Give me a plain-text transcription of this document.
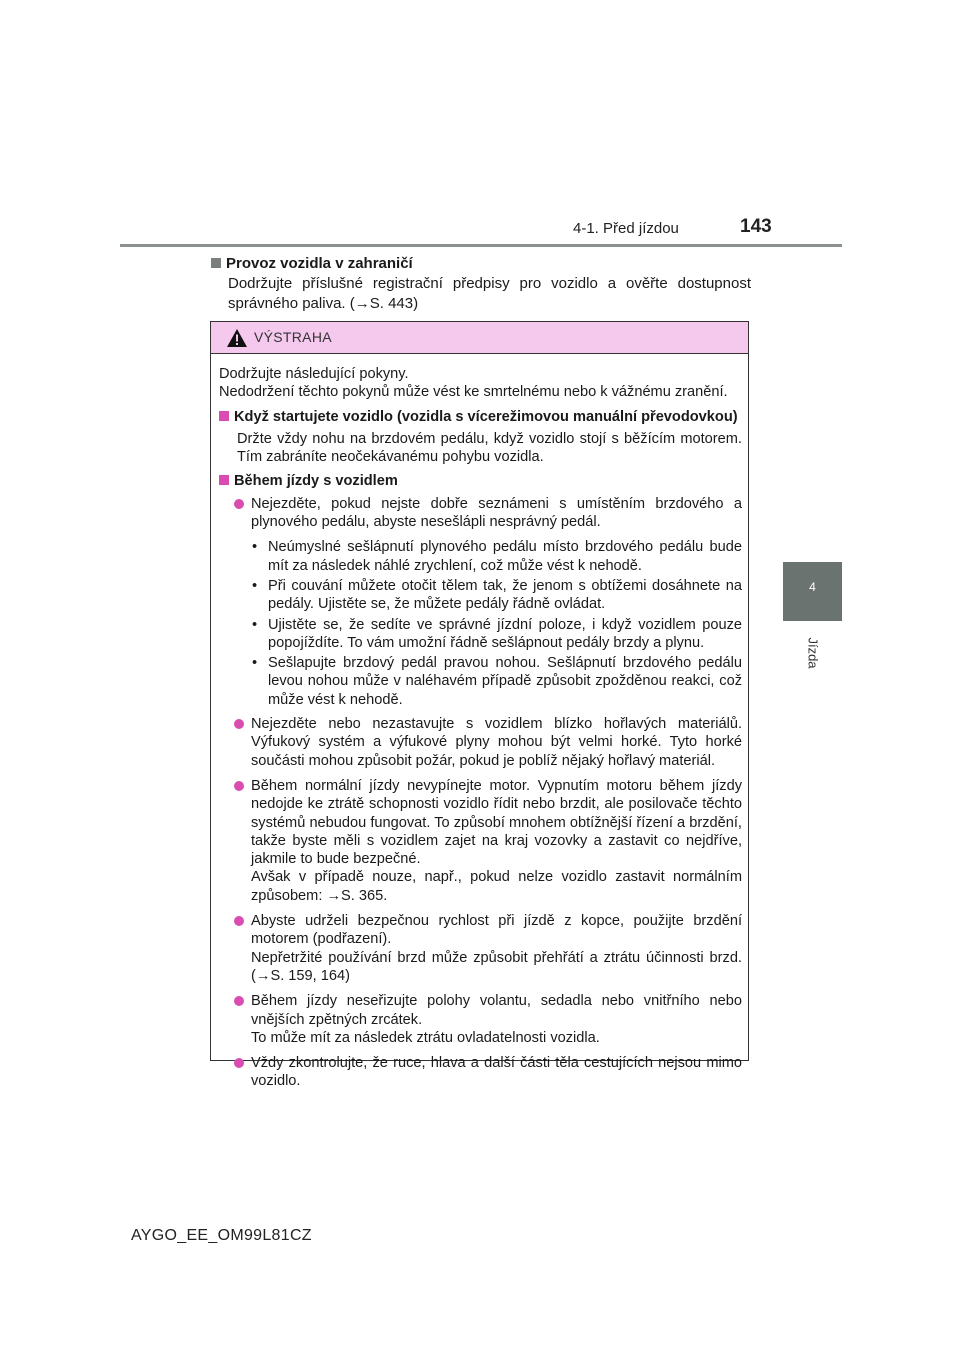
4-1. Před jízdou	143
4
Jízda
Provoz vozidla v zahraničí
Dodržujte příslušné registrační předpisy pro vozidlo a ověřte dostupnost správného paliva. (→S. 443)
VÝSTRAHA

Dodržujte následující pokyny.

Nedodržení těchto pokynů může vést ke smrtelnému nebo k vážnému zranění.

Když startujete vozidlo (vozidla s vícerežimovou manuální převodovkou)
Držte vždy nohu na brzdovém pedálu, když vozidlo stojí s běžícím motorem. Tím zabráníte neočekávanému pohybu vozidla.
Během jízdy s vozidlem
Nejezděte, pokud nejste dobře seznámeni s umístěním brzdového a plynového pedálu, abyste nesešlápli nesprávný pedál.
• Neúmyslné sešlápnutí plynového pedálu místo brzdového pedálu bude mít za následek náhlé zrychlení, což může vést k nehodě.
• Při couvání můžete otočit tělem tak, že jenom s obtížemi dosáhnete na pedály. Ujistěte se, že můžete pedály řádně ovládat.
• Ujistěte se, že sedíte ve správné jízdní poloze, i když vozidlem pouze popojíždíte. To vám umožní řádně sešlápnout pedály brzdy a plynu.
• Sešlapujte brzdový pedál pravou nohou. Sešlápnutí brzdového pedálu levou nohou může v naléhavém případě způsobit zpožděnou reakci, což může vést k nehodě.
Nejezděte nebo nezastavujte s vozidlem blízko hořlavých materiálů. Výfukový systém a výfukové plyny mohou být velmi horké. Tyto horké součásti mohou způsobit požár, pokud je poblíž nějaký hořlavý materiál.
Během normální jízdy nevypínejte motor. Vypnutím motoru během jízdy nedojde ke ztrátě schopnosti vozidlo řídit nebo brzdit, ale posilovače těchto systémů nebudou fungovat. To způsobí mnohem obtížnější řízení a brzdění, takže byste měli s vozidlem zajet na kraj vozovky a zastavit co nejdříve, jakmile to bude bezpečné.
Avšak v případě nouze, např., pokud nelze vozidlo zastavit normálním způsobem: →S. 365.
Abyste udrželi bezpečnou rychlost při jízdě z kopce, použijte brzdění motorem (podřazení).
Nepřetržité používání brzd může způsobit přehřátí a ztrátu účinnosti brzd. (→S. 159, 164)
Během jízdy neseřizujte polohy volantu, sedadla nebo vnitřního nebo vnějších zpětných zrcátek.
To může mít za následek ztrátu ovladatelnosti vozidla.
Vždy zkontrolujte, že ruce, hlava a další části těla cestujících nejsou mimo vozidlo.
AYGO_EE_OM99L81CZ
